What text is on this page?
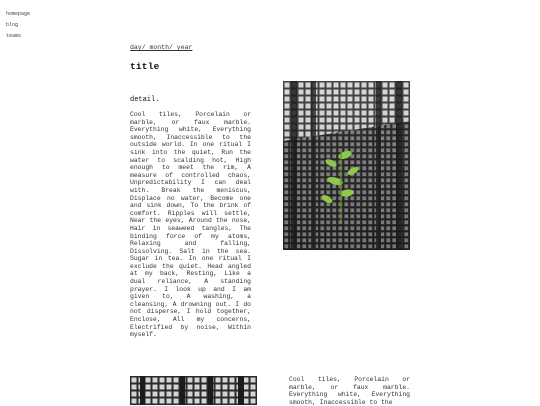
homepage
blog
teams
day/ month/ year
title
detail.

Cool tiles, Porcelain or marble, or faux marble. Everything white, Everything smooth, Inaccessible to the outside world. In one ritual I sink into the quiet, Run the water to scalding hot, High enough to meet the rim, A measure of controlled chaos, Unpredictability I can deal with. Break the meniscus, Displace no water, Become one and sink down, To the brink of comfort. Ripples will settle, Near the eyes, Around the nose, Hair in seaweed tangles, The binding force of my atoms, Relaxing and falling, Dissolving. Salt in the sea. Sugar in tea. In one ritual I exclude the quiet. Head angled at my back, Resting, Like a dual reliance, A standing prayer. I look up and I am given to, A washing, a cleansing, A drowning out. I do not disperse, I hold together, Enclose, All my concerns, Electrified by noise, Within myself.

Cool tiles, Porcelain or marble, or faux marble. Everything white, Everything smooth, Inaccessible to the
